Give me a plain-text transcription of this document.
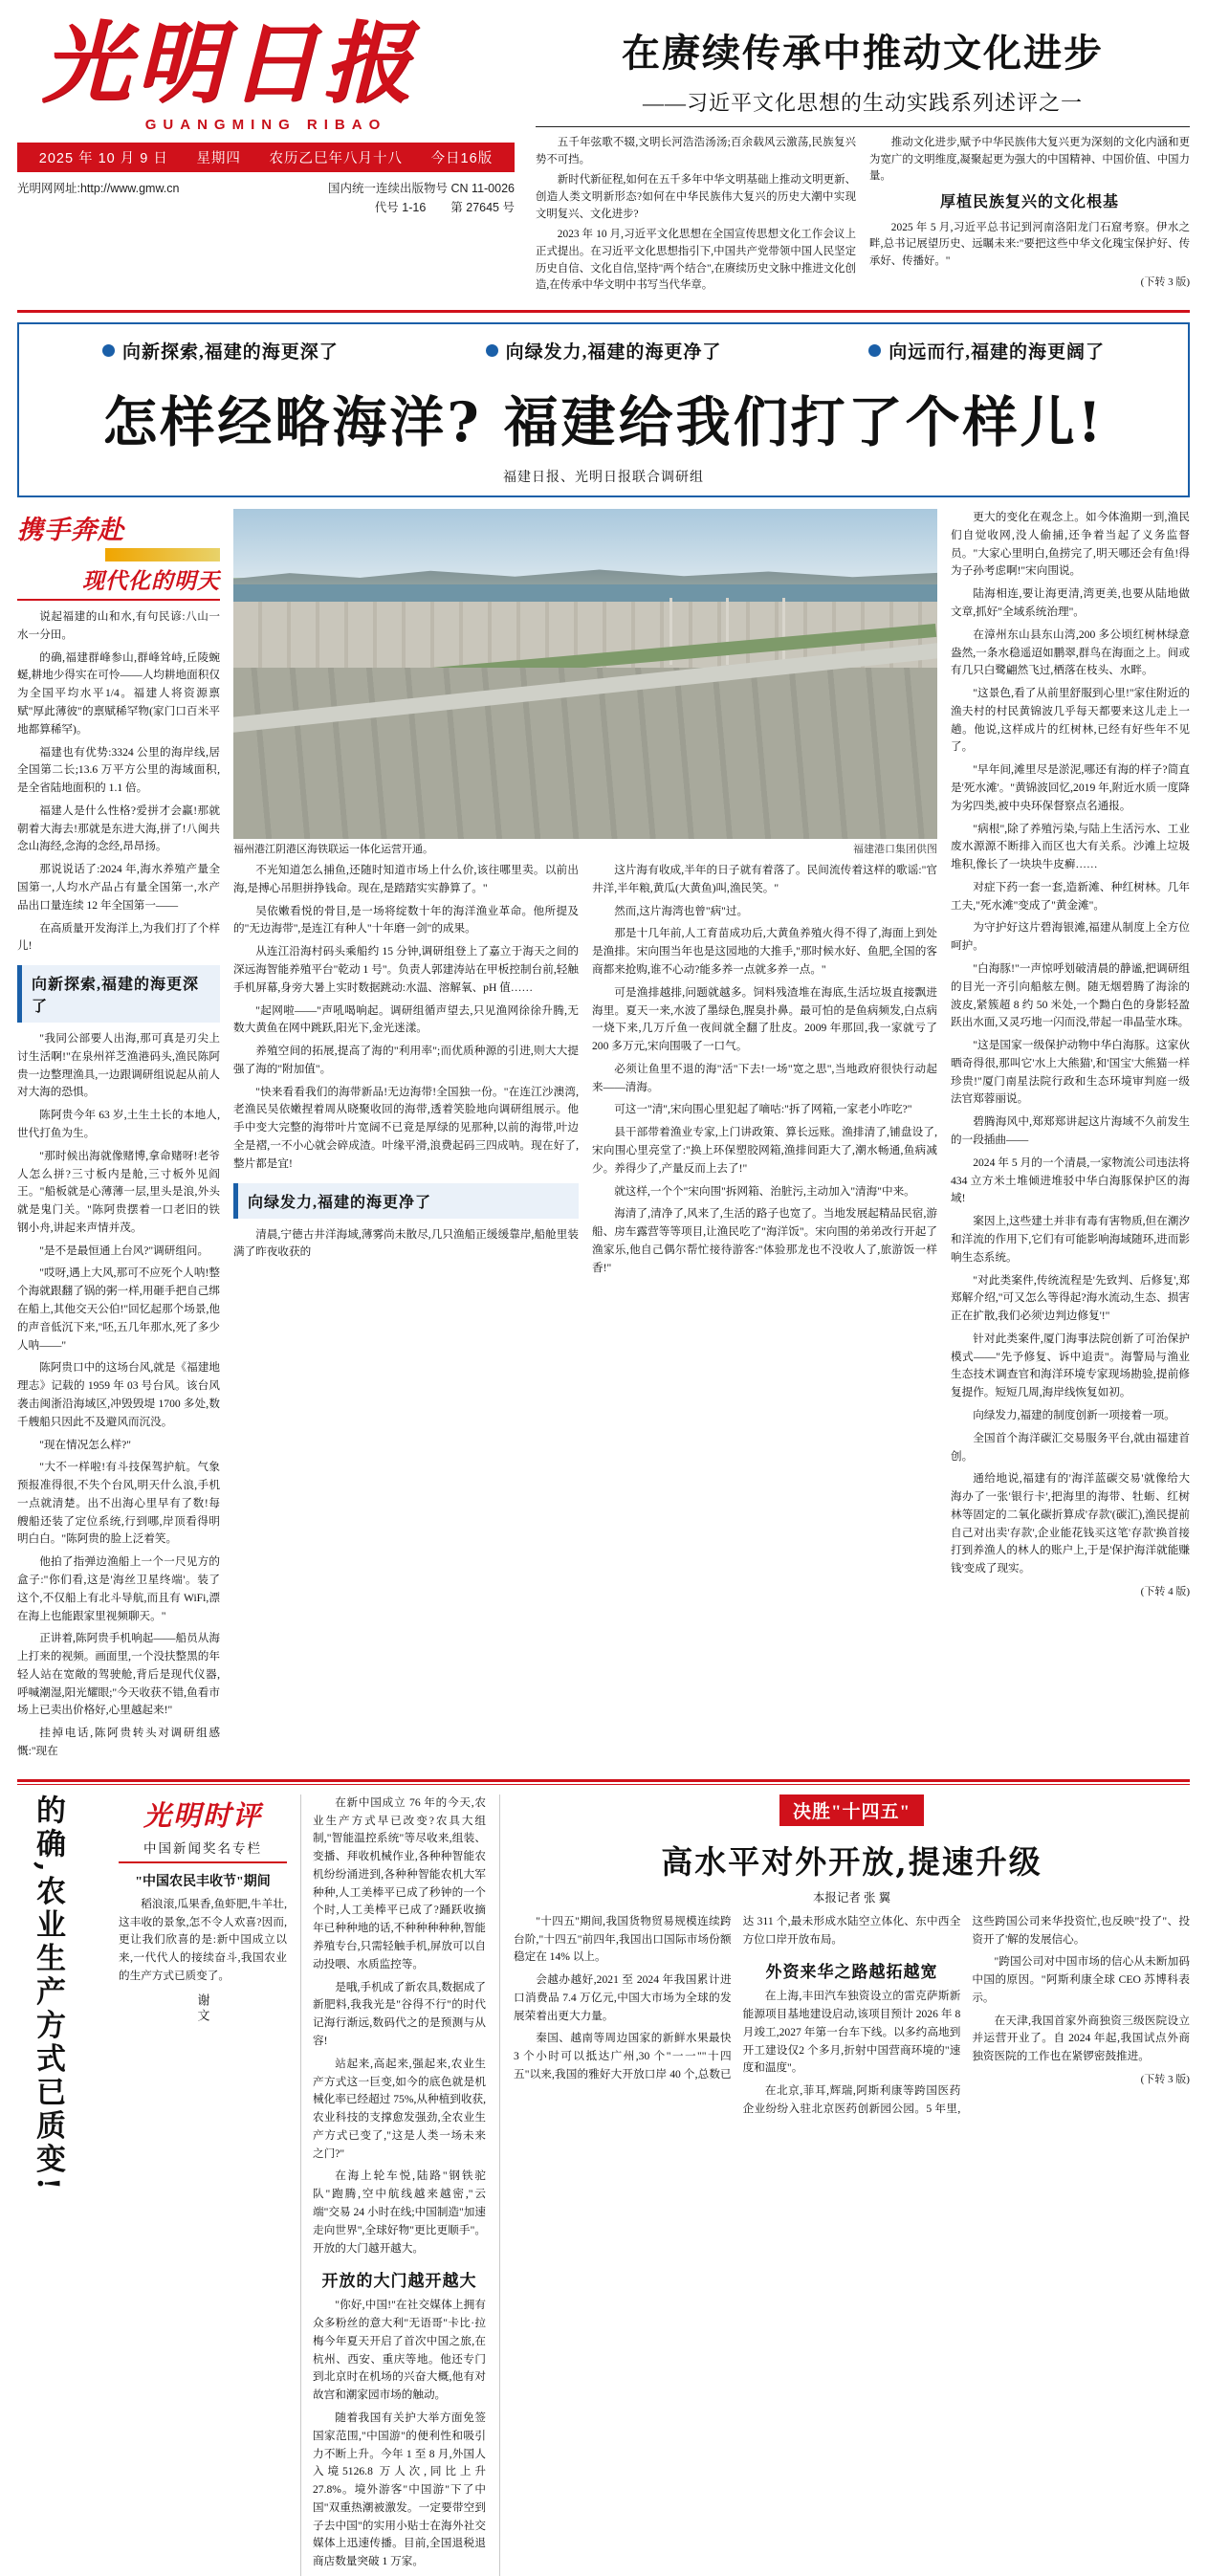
光明日报
GUANGMING RIBAO
2025 年 10 月 9 日 星期四 农历乙巳年八月十八 今日16版
光明网网址:http://www.gmw.cn	国内统一连续出版物号 CN 11-0026
代号 1-16 第 27645 号
在赓续传承中推动文化进步
——习近平文化思想的生动实践系列述评之一

五千年弦歌不辍,文明长河浩浩汤汤;百余载风云激荡,民族复兴势不可挡。

新时代新征程,如何在五千多年中华文明基础上推动文明更新、创造人类文明新形态?如何在中华民族伟大复兴的历史大潮中实现文明复兴、文化进步?

2023 年 10 月,习近平文化思想在全国宣传思想文化工作会议上正式提出。在习近平文化思想指引下,中国共产党带领中国人民坚定历史自信、文化自信,坚持"两个结合",在赓续历史文脉中推进文化创造,在传承中华文明中书写当代华章。

推动文化进步,赋予中华民族伟大复兴更为深刻的文化内涵和更为宽广的文明维度,凝聚起更为强大的中国精神、中国价值、中国力量。

厚植民族复兴的文化根基

2025 年 5 月,习近平总书记到河南洛阳龙门石窟考察。伊水之畔,总书记展望历史、远瞩未来:"要把这些中华文化瑰宝保护好、传承好、传播好。"

(下转 3 版)
向新探索,福建的海更深了	向绿发力,福建的海更净了	向远而行,福建的海更阔了
怎样经略海洋? 福建给我们打了个样儿!
福建日报、光明日报联合调研组
携手奔赴
现代化的明天

说起福建的山和水,有句民谚:八山一水一分田。

的确,福建群峰参山,群峰耸峙,丘陵蜿蜒,耕地少得实在可怜——人均耕地面积仅为全国平均水平1/4。福建人将资源禀赋"厚此薄彼"的禀赋稀罕物(家门口百米平地都算稀罕)。

福建也有优势:3324 公里的海岸线,居全国第二长;13.6 万平方公里的海域面积,是全省陆地面积的 1.1 倍。

福建人是什么性格?爱拼才会赢!那就朝着大海去!那就是东进大海,拼了!八闽共念山海经,念海的念经,昂昂扬。

那说说话了:2024 年,海水养殖产量全国第一,人均水产品占有量全国第一,水产品出口量连续 12 年全国第一——

在高质量开发海洋上,为我们打了个样儿!

向新探索,福建的海更深了

"我同公部要人出海,那可真是刃尖上讨生活啊!"在泉州祥芝渔港码头,渔民陈阿贵一边整理渔具,一边跟调研组说起从前人对大海的恐惧。

陈阿贵今年 63 岁,土生土长的本地人,世代打鱼为生。

"那时候出海就像赌博,拿命赌呀!老爷人怎么拼?三寸板内是舱,三寸板外见阎王。"船板就是心薄薄一层,里头是浪,外头就是鬼门关。"陈阿贵摆着一口老旧的铁钢小舟,讲起来声情并茂。

"是不是最恒通上台风?"调研组问。

"哎呀,遇上大风,那可不应死个人呐!整个海就跟翻了锅的粥一样,用砸手把自己绑在船上,其他交天公伯!"回忆起那个场景,他的声音低沉下来,"呸,五几年那水,死了多少人呐——"

陈阿贵口中的这场台风,就是《福建地理志》记载的 1959 年 03 号台风。该台风袭击闽浙沿海域区,冲毁毁堤 1700 多处,数千艘船只因此不及避风而沉没。

"现在情况怎么样?"

"大不一样啦!有斗技保驾护航。气象预报准得很,不失个台风,明天什么浪,手机一点就清楚。出不出海心里早有了数!每艘船还装了定位系统,行到哪,岸顶看得明明白白。"陈阿贵的脸上泛着笑。

他拍了指弹边渔船上一个一尺见方的盒子:"你们看,这是'海丝卫星终端'。装了这个,不仅船上有北斗导航,而且有 WiFi,漂在海上也能跟家里视频聊天。"

正讲着,陈阿贵手机响起——船员从海上打来的视频。画面里,一个没扶整黑的年轻人站在宽敞的驾驶舱,背后是现代仪器,呼喊潮湿,阳光耀眼;"今天收获不错,鱼看市场上已卖出价格好,心里越起来!"

挂掉电话,陈阿贵转头对调研组感慨:"现在

福州港江阴港区海铁联运一体化运营开通。	福建港口集团供图

不光知道怎么捕鱼,还随时知道市场上什么价,该往哪里卖。以前出海,是搏心吊胆拼挣钱命。现在,是踏踏实实静算了。"

吴依嫩看悦的骨目,是一场将绽数十年的海洋渔业革命。他所提及的"无边海带",是连江有种人"十年磨一剑"的成果。

从连江沿海村码头乘船约 15 分钟,调研组登上了嘉立于海天之间的深远海智能养殖平台"乾动 1 号"。负责人郭建涛站在甲板控制台前,轻触手机屏幕,身旁大暑上实时数据跳动:水温、溶解氧、pH 值……

"起网啦——"声吼喝响起。调研组循声望去,只见渔网徐徐升腾,无数大黄鱼在网中跳跃,阳光下,金光迷漾。

养殖空间的拓展,提高了海的"利用率";而优质种源的引进,则大大提强了海的"附加值"。

"快来看看我们的海带新品!无边海带!全国独一份。"在连江沙澳湾,老渔民吴依嫩捏着周从晓聚收回的海带,透着笑脸地向调研组展示。他手中变大完整的海带叶片宽阔不已竟是厚绿的见那种,以前的海带,叶边全是褶,一不小心就会碎成渣。叶缘平滑,浪费起码三四成呐。现在好了,整片都是宜!

向绿发力,福建的海更净了

清晨,宁德古井洋海域,薄雾尚未散尽,几只渔船正缓缓靠岸,船舱里装满了昨夜收获的

这片海有收成,半年的日子就有着落了。民间流传着这样的歌谣:"官井洋,半年粮,黄瓜(大黄鱼)叫,渔民笑。"

然而,这片海湾也曾"病"过。

那是十几年前,人工育苗成功后,大黄鱼养殖火得不得了,海面上到处是渔排。宋向围当年也是这园地的大推手,"那时候水好、鱼肥,全国的客商都来抢购,谁不心动?能多养一点就多养一点。"

可是渔排越排,问题就越多。饲料残渣堆在海底,生活垃圾直接飘进海里。夏天一来,水波了墨绿色,腥臭扑鼻。最可怕的是鱼病频发,白点病一烧下来,几万斤鱼一夜间就全翻了肚皮。2009 年那回,我一家就亏了 200 多万元,宋向围吸了一口气。

必须让鱼里不退的海"活"下去!一场"宽之思",当地政府很快行动起来——清海。

可这一"清",宋向围心里犯起了嘀咕:"拆了网箱,一家老小咋吃?"

县干部带着渔业专家,上门讲政策、算长远账。渔排清了,铺盘设了,宋向围心里亮堂了:"换上环保塑胶网箱,渔排间距大了,潮水畅通,鱼病减少。养得少了,产量反而上去了!"

就这样,一个个"宋向围"拆网箱、治脏污,主动加入"清海"中来。

海清了,清净了,风来了,生活的路子也宽了。当地发展起精品民宿,游船、房车露营等等项目,让渔民吃了"海洋饭"。宋向围的弟弟改行开起了渔家乐,他自己偶尔帮忙接待游客:"体验那龙也不没收人了,旅游饭一样香!"

更大的变化在观念上。如今体渔期一到,渔民们自觉收网,没人偷捕,还争着当起了义务监督员。"大家心里明白,鱼捞完了,明天哪还会有鱼!得为子孙考虑啊!"宋向围说。

陆海相连,要让海更清,湾更美,也要从陆地做文章,抓好"全域系统治理"。

在漳州东山县东山湾,200 多公顷红树林绿意盎然,一条水稳遥迢如鹏翠,群鸟在海面之上。间或有几只白鹭翩然飞过,栖落在枝头、水畔。

"这景色,看了从前里舒服到心里!"家住附近的渔夫村的村民黄锦波几乎每天都要来这儿走上一趟。他说,这样成片的红树林,已经有好些年不见了。

"早年间,滩里尽是淤泥,哪还有海的样子?简直是'死水滩'。"黄锦波回忆,2019 年,附近水质一度降为劣四类,被中央环保督察点名通报。

"病根",除了养殖污染,与陆上生活污水、工业废水源源不断排入而区也大有关系。沙滩上垃圾堆积,像长了一块块牛皮癣……

对症下药一套一套,造新滩、种红树林。几年工夫,"死水滩"变成了"黄金滩"。

为守护好这片碧海银滩,福建从制度上全方位呵护。

"白海豚!"一声惊呼划破清晨的静谧,把调研组的目光一齐引向船舷左侧。随无烟碧腾了海涂的波皮,紧簇超 8 约 50 米处,一个黝白色的身影轻盈跃出水面,又灵巧地一闪而没,带起一串晶莹水珠。

"这是国家一级保护动物中华白海豚。这家伙晒奇得很,那叫它'水上大熊猫',和'国宝'大熊猫一样珍贵!"厦门南星法院行政和生态环境审判庭一级法官郑蓉丽说。

碧腾海风中,郑郑郑讲起这片海域不久前发生的一段插曲——

2024 年 5 月的一个清晨,一家物流公司违法将 434 立方米土堆倾进堆驳中华白海豚保护区的海域!

案因上,这些建土并非有毒有害物质,但在潮汐和洋流的作用下,它们有可能影响海域随环,进而影响生态系统。

"对此类案件,传统流程是'先致判、后修复',郑郑解介绍,"可又怎么等得起?海水流动,生态、损害正在扩散,我们必须'边判边修复'!"

针对此类案件,厦门海事法院创新了可治保护模式——"先予修复、诉中追责"。海警局与渔业生态技术调查官和海洋环境专家现场勘验,提前修复提作。短短几周,海岸线恢复如初。

向绿发力,福建的制度创新一项接着一项。

全国首个海洋碳汇交易服务平台,就由福建首创。

通给地说,福建有的'海洋蓝碳交易'就像给大海办了一张'银行卡',把海里的海带、牡蛎、红树林等固定的二氧化碳折算成'存款'(碳汇),渔民提前自己对出卖'存款',企业能花钱买这笔'存款'换首接打到养渔人的林人的账户上,于是'保护海洋就能赚钱'变成了现实。

(下转 4 版)
的确,农业生产方式已质变!	光明时评
中国新闻奖名专栏
"中国农民丰收节"期间

稻浪滚,瓜果香,鱼虾肥,牛羊壮,这丰收的景象,怎不令人欢喜?因而,更让我们欣喜的是:新中国成立以来,一代代人的接续奋斗,我国农业的生产方式已质变了。

谢 文

在新中国成立 76 年的今天,农业生产方式早已改变?农具大组制,"智能温控系统"等尽收来,组装、变播、拜收机械作业,各种种智能农机纷纷涌进到,各种种智能农机大军种种,人工美棒平已成了秒钟的一个个时,人工美棒平已成了?踊跃收摘年已种种地的话,不种种种种种,智能养殖专台,只需轻触手机,屏放可以自动投喂、水质监控等。

是哦,手机成了新农具,数据成了新肥料,我我光是"谷得不行"的时代记海行渐远,数码代之的是预测与从容!

站起来,高起来,强起来,农业生产方式这一巨变,如今的底色就是机械化率已经超过 75%,从种植到收获,农业科技的支撑愈发强劲,全农业生产方式已变了,"这是人类一场未来之门?"

在海上轮车悦,陆路"钢铁驼队"跑腾,空中航线越来越密,"云端"交易 24 小时在线;中国制造"加速走向世界",全球好物"更比更顺手"。开放的大门越开越大。

开放的大门越开越大

"你好,中国!"在社交媒体上拥有众多粉丝的意大利"无语哥"卡比·拉梅今年夏天开启了首次中国之旅,在杭州、西安、重庆等地。他还专门到北京时在机场的兴奋大概,他有对故宫和潮家园市场的触动。

随着我国有关护大举方面免签国家范围,"中国游"的便利性和吸引力不断上升。今年 1 至 8 月,外国人入境5126.8 万人次,同比上升 27.8%。境外游客"中国游"下了中国"双重热潮被激发。一定要带空到子去中国"的实用小贴士在海外社交媒体上迅速传播。目前,全国退税退商店数量突破 1 万家。

决胜"十四五"
高水平对外开放,提速升级
本报记者 张 翼

"十四五"期间,我国货物贸易规模连续跨台阶,"十四五"前四年,我国出口国际市场份额稳定在 14% 以上。

会越办越好,2021 至 2024 年我国累计进口消费品 7.4 万亿元,中国大市场为全球的发展荣着出更大力量。

秦国、越南等周边国家的新鲜水果最快 3 个小时可以抵达广州,30 个"一一""十四五"以来,我国的雅好大开放口岸 40 个,总数已达 311 个,最未形成水陆空立体化、东中西全方位口岸开放布局。

外资来华之路越拓越宽

在上海,丰田汽车独资设立的雷克萨斯新能源项目基地建设启动,该项目预计 2026 年 8 月竣工,2027 年第一台车下线。以多约高地到开工建设仅2 个多月,折射中国营商环境的"速度和温度"。

在北京,菲耳,辉瑞,阿斯利康等跨国医药企业纷纷入驻北京医药创新园公园。5 年里,这些跨国公司来华投资忙,也反映"投了"、投资开了'解的发展信心。

"跨国公司对中国市场的信心从未断加码中国的原因。"阿斯利康全球 CEO 苏博科表示。

在天津,我国首家外商独资三级医院设立并运营开业了。自 2024 年起,我国试点外商独资医院的工作也在紧锣密鼓推进。

(下转 3 版)
